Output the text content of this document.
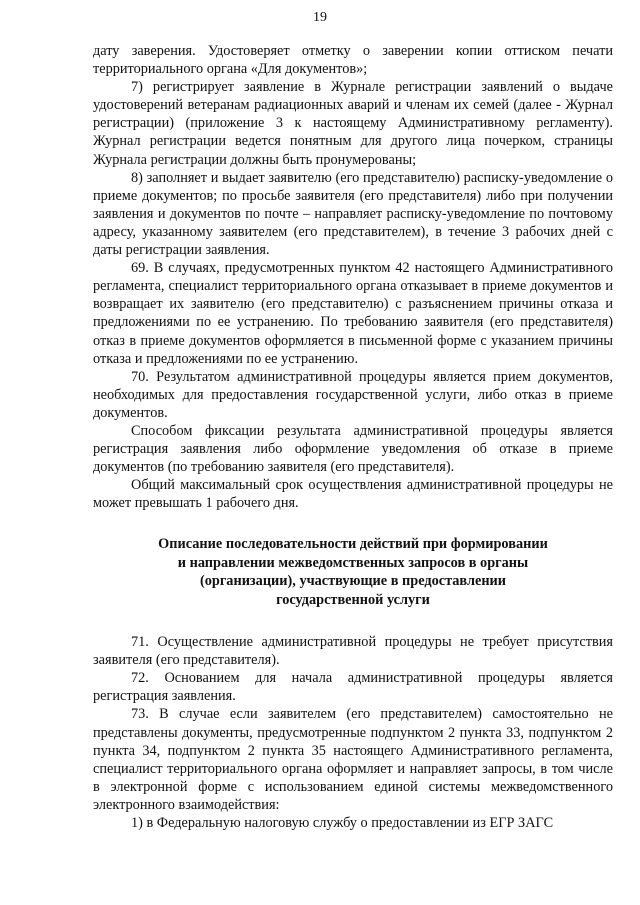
19

дату заверения. Удостоверяет отметку о заверении копии оттиском печати территориального органа «Для документов»;

7) регистрирует заявление в Журнале регистрации заявлений о выдаче удостоверений ветеранам радиационных аварий и членам их семей (далее - Журнал регистрации) (приложение 3 к настоящему Административному регламенту). Журнал регистрации ведется понятным для другого лица почерком, страницы Журнала регистрации должны быть пронумерованы;

8) заполняет и выдает заявителю (его представителю) расписку-уведомление о приеме документов; по просьбе заявителя (его представителя) либо при получении заявления и документов по почте – направляет расписку-уведомление по почтовому адресу, указанному заявителем (его представителем), в течение 3 рабочих дней с даты регистрации заявления.

69. В случаях, предусмотренных пунктом 42 настоящего Административного регламента, специалист территориального органа отказывает в приеме документов и возвращает их заявителю (его представителю) с разъяснением причины отказа и предложениями по ее устранению. По требованию заявителя (его представителя) отказ в приеме документов оформляется в письменной форме с указанием причины отказа и предложениями по ее устранению.

70. Результатом административной процедуры является прием документов, необходимых для предоставления государственной услуги, либо отказ в приеме документов.

Способом фиксации результата административной процедуры является регистрация заявления либо оформление уведомления об отказе в приеме документов (по требованию заявителя (его представителя).

Общий максимальный срок осуществления административной процедуры не может превышать 1 рабочего дня.

Описание последовательности действий при формировании
и направлении межведомственных запросов в органы
(организации), участвующие в предоставлении
государственной услуги

71. Осуществление административной процедуры не требует присутствия заявителя (его представителя).

72. Основанием для начала административной процедуры является регистрация заявления.

73. В случае если заявителем (его представителем) самостоятельно не представлены документы, предусмотренные подпунктом 2 пункта 33, подпунктом 2 пункта 34, подпунктом 2 пункта 35 настоящего Административного регламента, специалист территориального органа оформляет и направляет запросы, в том числе в электронной форме с использованием единой системы межведомственного электронного взаимодействия:

1) в Федеральную налоговую службу о предоставлении из ЕГР ЗАГС
